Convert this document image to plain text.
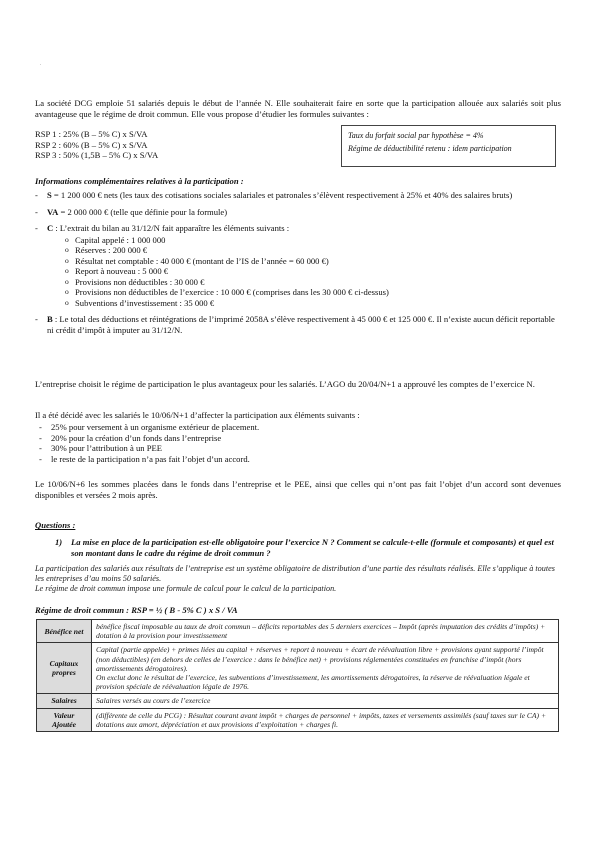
.

La société DCG emploie 51 salariés depuis le début de l’année N. Elle souhaiterait faire en sorte que la participation allouée aux salariés soit plus avantageuse que le régime de droit commun. Elle vous propose d’étudier les formules suivantes :

RSP 1 : 25% (B – 5% C) x S/VA
RSP 2 : 60% (B – 5% C) x S/VA
RSP 3 : 50% (1,5B – 5% C) x S/VA
Taux du forfait social par hypothèse = 4%
Régime de déductibilité retenu : idem participation
Informations complémentaires relatives à la participation :
- S = 1 200 000 € nets (les taux des cotisations sociales salariales et patronales s’élèvent respectivement à 25% et 40% des salaires bruts)
- VA = 2 000 000 € (telle que définie pour la formule)
- C : L’extrait du bilan au 31/12/N fait apparaître les éléments suivants :
o Capital appelé : 1 000 000
o Réserves : 200 000 €
o Résultat net comptable : 40 000 € (montant de l’IS de l’année = 60 000 €)
o Report à nouveau : 5 000 €
o Provisions non déductibles : 30 000 €
o Provisions non déductibles de l’exercice : 10 000 € (comprises dans les 30 000 € ci-dessus)
o Subventions d’investissement : 35 000 €
- B : Le total des déductions et réintégrations de l’imprimé 2058A s’élève respectivement à 45 000 € et 125 000 €. Il n’existe aucun déficit reportable ni crédit d’impôt à imputer au 31/12/N.

L’entreprise choisit le régime de participation le plus avantageux pour les salariés. L’AGO du 20/04/N+1 a approuvé les comptes de l’exercice N.

Il a été décidé avec les salariés le 10/06/N+1 d’affecter la participation aux éléments suivants :

- 25% pour versement à un organisme extérieur de placement.
- 20% pour la création d’un fonds dans l’entreprise
- 30% pour l’attribution à un PEE
- le reste de la participation n’a pas fait l’objet d’un accord.

Le 10/06/N+6 les sommes placées dans le fonds dans l’entreprise et le PEE, ainsi que celles qui n’ont pas fait l’objet d’un accord sont devenues disponibles et versées 2 mois après.

Questions :
1) La mise en place de la participation est-elle obligatoire pour l’exercice N ? Comment se calcule-t-elle (formule et composants) et quel est son montant dans le cadre du régime de droit commun ?

La participation des salariés aux résultats de l’entreprise est un système obligatoire de distribution d’une partie des résultats réalisés. Elle s’applique à toutes les entreprises d’au moins 50 salariés.

Le régime de droit commun impose une formule de calcul pour le calcul de la participation.

Régime de droit commun : RSP = ½ ( B - 5% C ) x S / VA
Bénéfice net	bénéfice fiscal imposable au taux de droit commun – déficits reportables des 5 derniers exercices – Impôt (après imputation des crédits d’impôts) + dotation à la provision pour investissement
Capitaux propres	Capital (partie appelée) + primes liées au capital + réserves + report à nouveau + écart de réévaluation libre + provisions ayant supporté l’impôt (non déductibles) (en dehors de celles de l’exercice : dans le bénéfice net) + provisions réglementées constituées en franchise d’impôt (hors amortissements dérogatoires).
On exclut donc le résultat de l’exercice, les subventions d’investissement, les amortissements dérogatoires, la réserve de réévaluation légale et provision spéciale de réévaluation légale de 1976.
Salaires	Salaires versés au cours de l’exercice
Valeur Ajoutée	(différente de celle du PCG) : Résultat courant avant impôt + charges de personnel + impôts, taxes et versements assimilés (sauf taxes sur le CA) + dotations aux amort, dépréciation et aux provisions d’exploitation + charges fi.
